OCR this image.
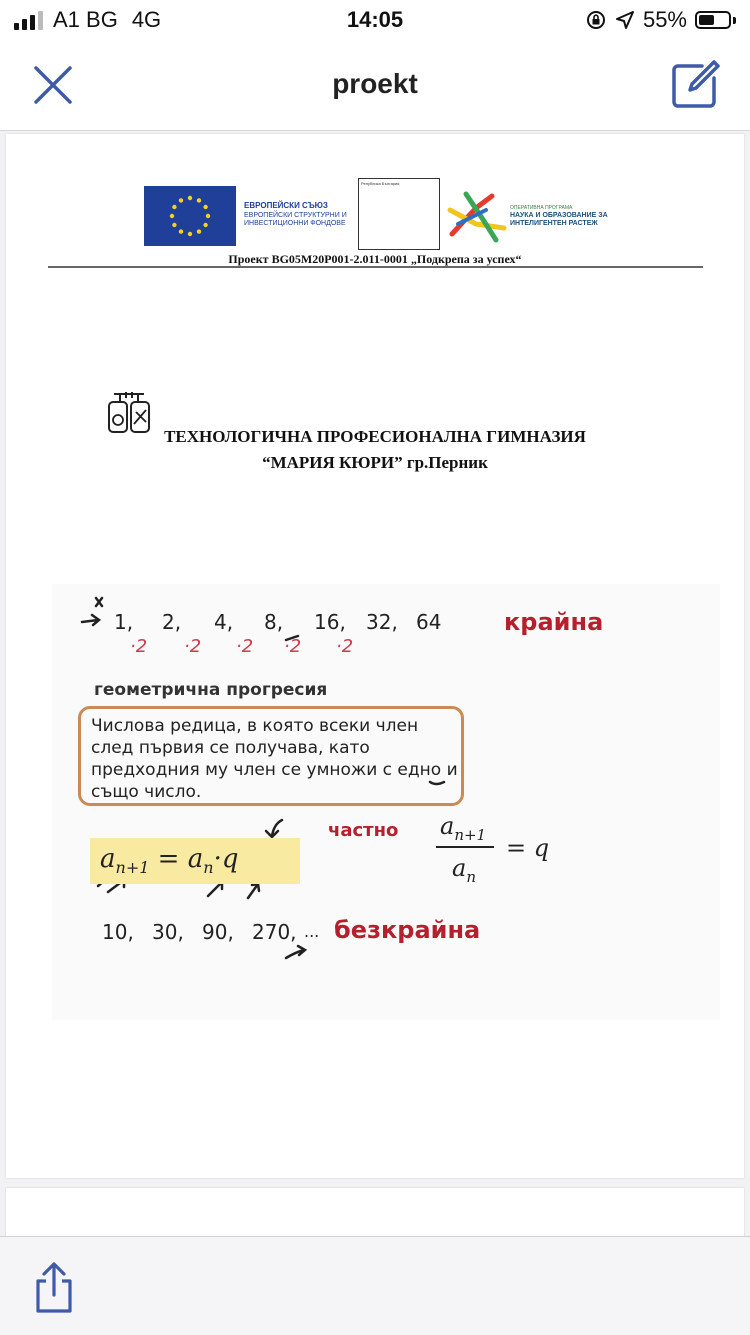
A1 BG 4G	14:05	55%
proekt
ЕВРОПЕЙСКИ СЪЮЗ
ЕВРОПЕЙСКИ СТРУКТУРНИ И ИНВЕСТИЦИОННИ ФОНДОВЕ
Република България
ОПЕРАТИВНА ПРОГРАМА
НАУКА И ОБРАЗОВАНИЕ ЗА ИНТЕЛИГЕНТЕН РАСТЕЖ
Проект BG05M20P001-2.011-0001 „Подкрепа за успех“
ТЕХНОЛОГИЧНА ПРОФЕСИОНАЛНА ГИМНАЗИЯ
“МАРИЯ КЮРИ” гр.Перник
1, 2, 4, 8, 16, 32, 64
·2 ·2 ·2 ·2 ·2
крайна
геометрична прогресия
Числова редица, в която всеки член
след първия се получава, като
предходния му член се умножи с едно и
също число.
$a_{n+1} = a_n\cdot q$
частно $a_{n+1}$
$a_n$
= q
10, 30, 90, 270, ... безкрайна
